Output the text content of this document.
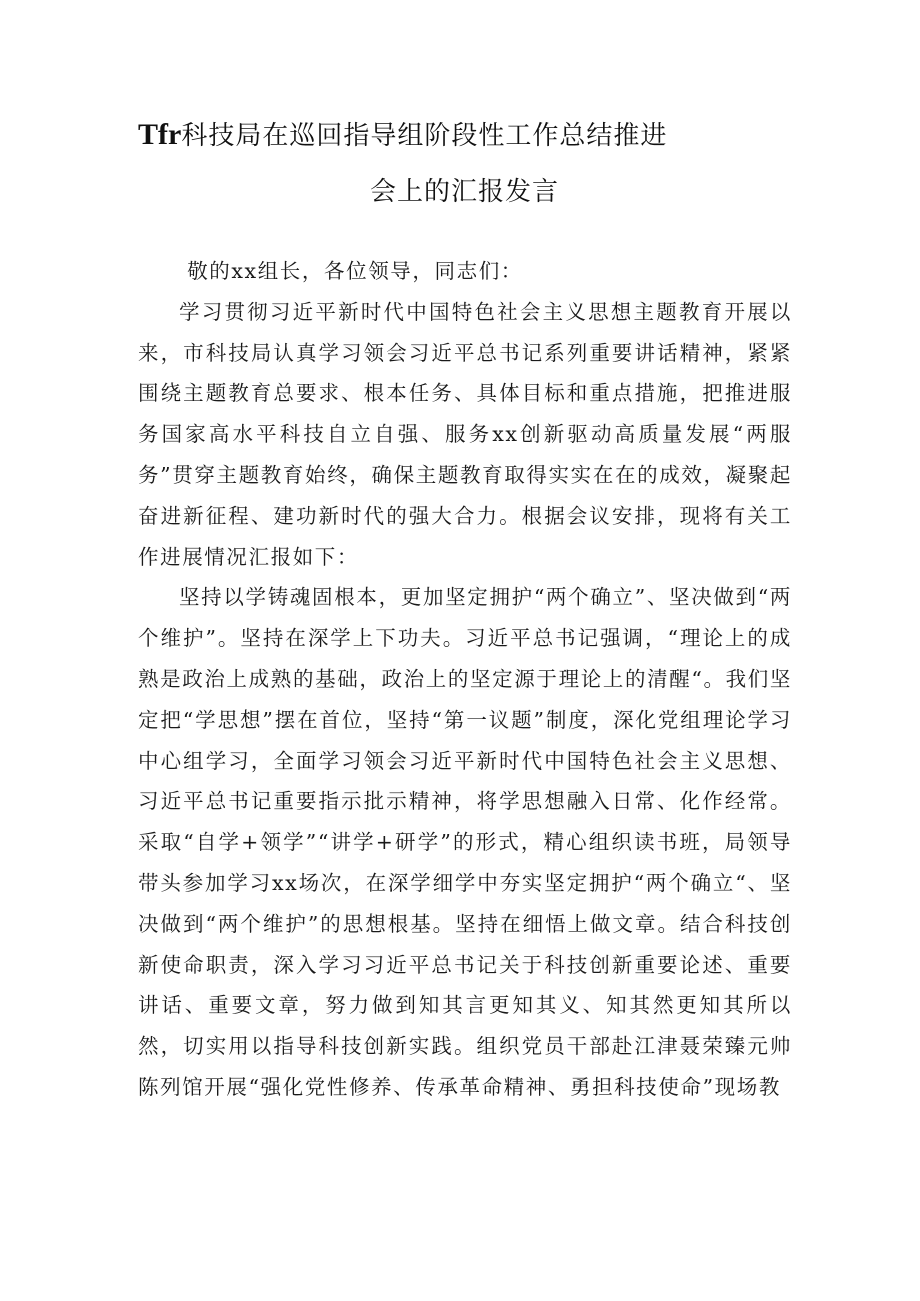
Tfr科技局在巡回指导组阶段性工作总结推进
会上的汇报发言

敬的xx组长，各位领导，同志们：

学习贯彻习近平新时代中国特色社会主义思想主题教育开展以来，市科技局认真学习领会习近平总书记系列重要讲话精神，紧紧围绕主题教育总要求、根本任务、具体目标和重点措施，把推进服务国家高水平科技自立自强、服务xx创新驱动高质量发展“两服务”贯穿主题教育始终，确保主题教育取得实实在在的成效，凝聚起奋进新征程、建功新时代的强大合力。根据会议安排，现将有关工作进展情况汇报如下：

坚持以学铸魂固根本，更加坚定拥护“两个确立”、坚决做到“两个维护”。坚持在深学上下功夫。习近平总书记强调，“理论上的成熟是政治上成熟的基础，政治上的坚定源于理论上的清醒“。我们坚定把“学思想”摆在首位，坚持“第一议题”制度，深化党组理论学习中心组学习，全面学习领会习近平新时代中国特色社会主义思想、习近平总书记重要指示批示精神，将学思想融入日常、化作经常。采取“自学+领学”“讲学+研学”的形式，精心组织读书班，局领导带头参加学习xx场次，在深学细学中夯实坚定拥护“两个确立“、坚决做到“两个维护”的思想根基。坚持在细悟上做文章。结合科技创新使命职责，深入学习习近平总书记关于科技创新重要论述、重要讲话、重要文章，努力做到知其言更知其义、知其然更知其所以然，切实用以指导科技创新实践。组织党员干部赴江津聂荣臻元帅陈列馆开展“强化党性修养、传承革命精神、勇担科技使命”现场教
